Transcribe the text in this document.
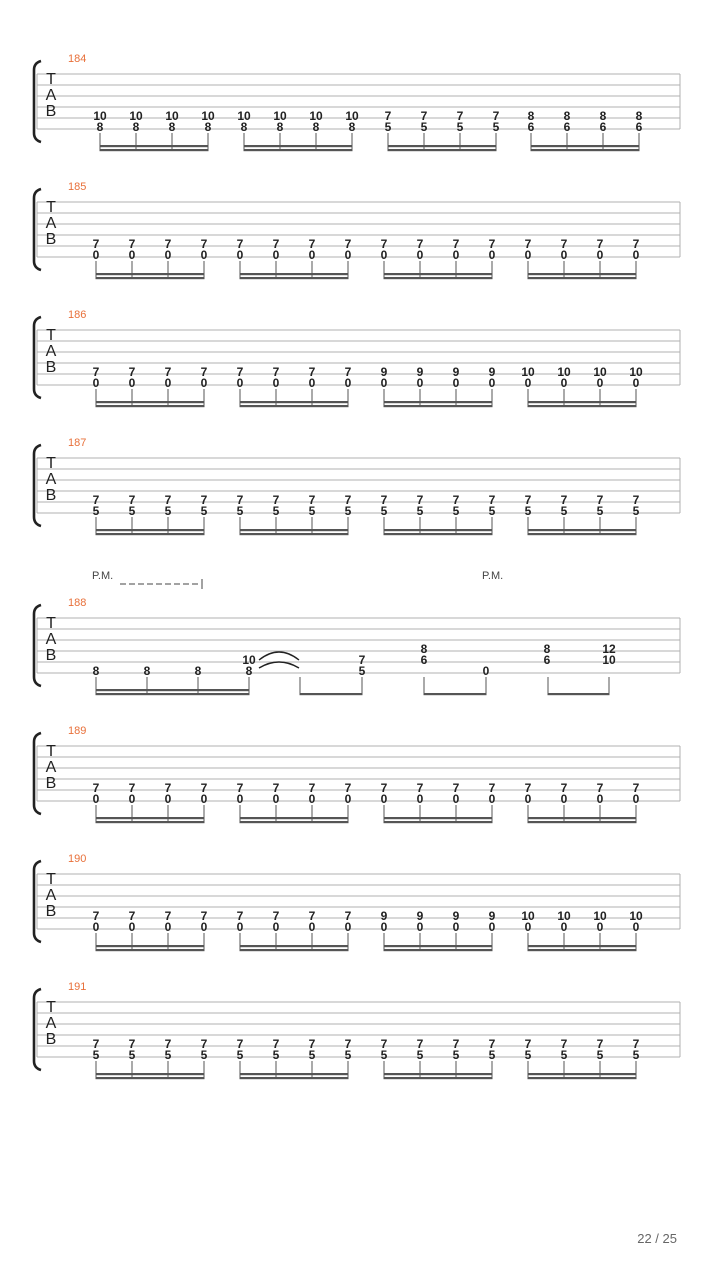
T
A
B
184
10
8
10
8
10
8
10
8
10
8
10
8
10
8
10
8
7
5
7
5
7
5
7
5
8
6
8
6
8
6
8
6
T
A
B
185
7
0
7
0
7
0
7
0
7
0
7
0
7
0
7
0
7
0
7
0
7
0
7
0
7
0
7
0
7
0
7
0
T
A
B
186
7
0
7
0
7
0
7
0
7
0
7
0
7
0
7
0
9
0
9
0
9
0
9
0
10
0
10
0
10
0
10
0
T
A
B
187
7
5
7
5
7
5
7
5
7
5
7
5
7
5
7
5
7
5
7
5
7
5
7
5
7
5
7
5
7
5
7
5
T
A
B
188
P.M.	P.M.
8	8	8	8
10	7
5
8
6
0
8
6
12
10
T
A
B
189
7
0
7
0
7
0
7
0
7
0
7
0
7
0
7
0
7
0
7
0
7
0
7
0
7
0
7
0
7
0
7
0
T
A
B
190
7
0
7
0
7
0
7
0
7
0
7
0
7
0
7
0
9
0
9
0
9
0
9
0
10
0
10
0
10
0
10
0
T
A
B
191
7
5
7
5
7
5
7
5
7
5
7
5
7
5
7
5
7
5
7
5
7
5
7
5
7
5
7
5
7
5
7
5
22 / 25
